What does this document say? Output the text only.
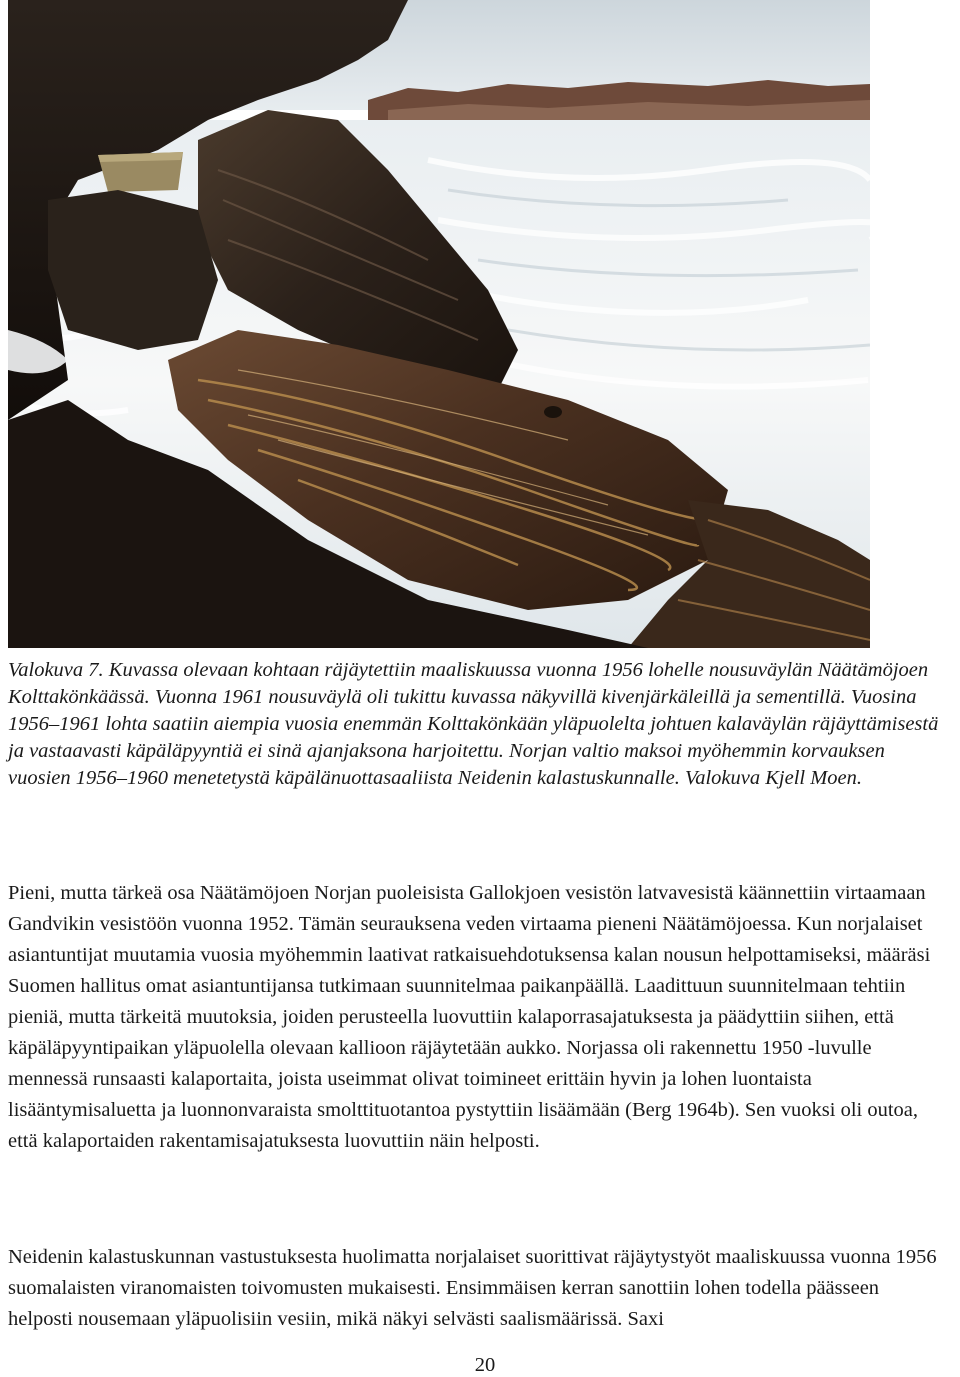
Valokuva 7. Kuvassa olevaan kohtaan räjäytettiin maaliskuussa vuonna 1956 lohelle nousuväylän Näätämöjoen Kolttakönkäässä. Vuonna 1961 nousuväylä oli tukittu kuvassa näkyvillä kivenjärkäleillä ja sementillä. Vuosina 1956–1961 lohta saatiin aiempia vuosia enemmän Kolttakönkään yläpuolelta johtuen kalaväylän räjäyttämisestä ja vastaavasti käpäläpyyntiä ei sinä ajanjaksona harjoitettu. Norjan valtio maksoi myöhemmin korvauksen vuosien 1956–1960 menetetystä käpälänuottasaaliista Neidenin kalastuskunnalle. Valokuva Kjell Moen.

Pieni, mutta tärkeä osa Näätämöjoen Norjan puoleisista Gallokjoen vesistön latvavesistä käännettiin virtaamaan Gandvikin vesistöön vuonna 1952. Tämän seurauksena veden virtaama pieneni Näätämöjoessa. Kun norjalaiset asiantuntijat muutamia vuosia myöhemmin laativat ratkaisuehdotuksensa kalan nousun helpottamiseksi, määräsi Suomen hallitus omat asiantuntijansa tutkimaan suunnitelmaa paikanpäällä. Laadittuun suunnitelmaan tehtiin pieniä, mutta tärkeitä muutoksia, joiden perusteella luovuttiin kalaporrasajatuksesta ja päädyttiin siihen, että käpäläpyyntipaikan yläpuolella olevaan kallioon räjäytetään aukko. Norjassa oli rakennettu 1950 -luvulle mennessä runsaasti kalaportaita, joista useimmat olivat toimineet erittäin hyvin ja lohen luontaista lisääntymisaluetta ja luonnonvaraista smolttituotantoa pystyttiin lisäämään (Berg 1964b). Sen vuoksi oli outoa, että kalaportaiden rakentamisajatuksesta luovuttiin näin helposti.

Neidenin kalastuskunnan vastustuksesta huolimatta norjalaiset suorittivat räjäytystyöt maaliskuussa vuonna 1956 suomalaisten viranomaisten toivomusten mukaisesti. Ensimmäisen kerran sanottiin lohen todella päässeen helposti nousemaan yläpuolisiin vesiin, mikä näkyi selvästi saalismäärissä. Saxi

20
